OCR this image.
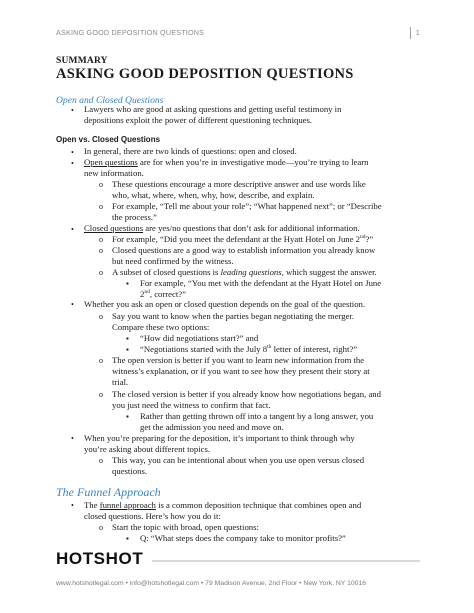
ASKING GOOD DEPOSITION QUESTIONS	1
SUMMARY
ASKING GOOD DEPOSITION QUESTIONS
Open and Closed Questions
• Lawyers who are good at asking questions and getting useful testimony in
depositions exploit the power of different questioning techniques.
Open vs. Closed Questions
• In general, there are two kinds of questions: open and closed.
• Open questions are for when you’re in investigative mode—you’re trying to learn
new information.
o These questions encourage a more descriptive answer and use words like
who, what, where, when, why, how, describe, and explain.
o For example, “Tell me about your role”; “What happened next”; or “Describe
the process.”
• Closed questions are yes/no questions that don’t ask for additional information.
o For example, “Did you meet the defendant at the Hyatt Hotel on June 2nd?”
o Closed questions are a good way to establish information you already know
but need confirmed by the witness.
o A subset of closed questions is leading questions, which suggest the answer.
▪ For example, “You met with the defendant at the Hyatt Hotel on June
2nd, correct?”
• Whether you ask an open or closed question depends on the goal of the question.
o Say you want to know when the parties began negotiating the merger.
Compare these two options:
▪ “How did negotiations start?” and
▪ “Negotiations started with the July 8th letter of interest, right?”
o The open version is better if you want to learn new information from the
witness’s explanation, or if you want to see how they present their story at
trial.
o The closed version is better if you already know how negotiations began, and
you just need the witness to confirm that fact.
▪ Rather than getting thrown off into a tangent by a long answer, you
get the admission you need and move on.
• When you’re preparing for the deposition, it’s important to think through why
you’re asking about different topics.
o This way, you can be intentional about when you use open versus closed
questions.
The Funnel Approach
• The funnel approach is a common deposition technique that combines open and
closed questions. Here’s how you do it:
o Start the topic with broad, open questions:
▪ Q: “What steps does the company take to monitor profits?”
HOTSHOT
www.hotshotlegal.com • info@hotshotlegal.com • 79 Madison Avenue, 2nd Floor • New York, NY 10016
